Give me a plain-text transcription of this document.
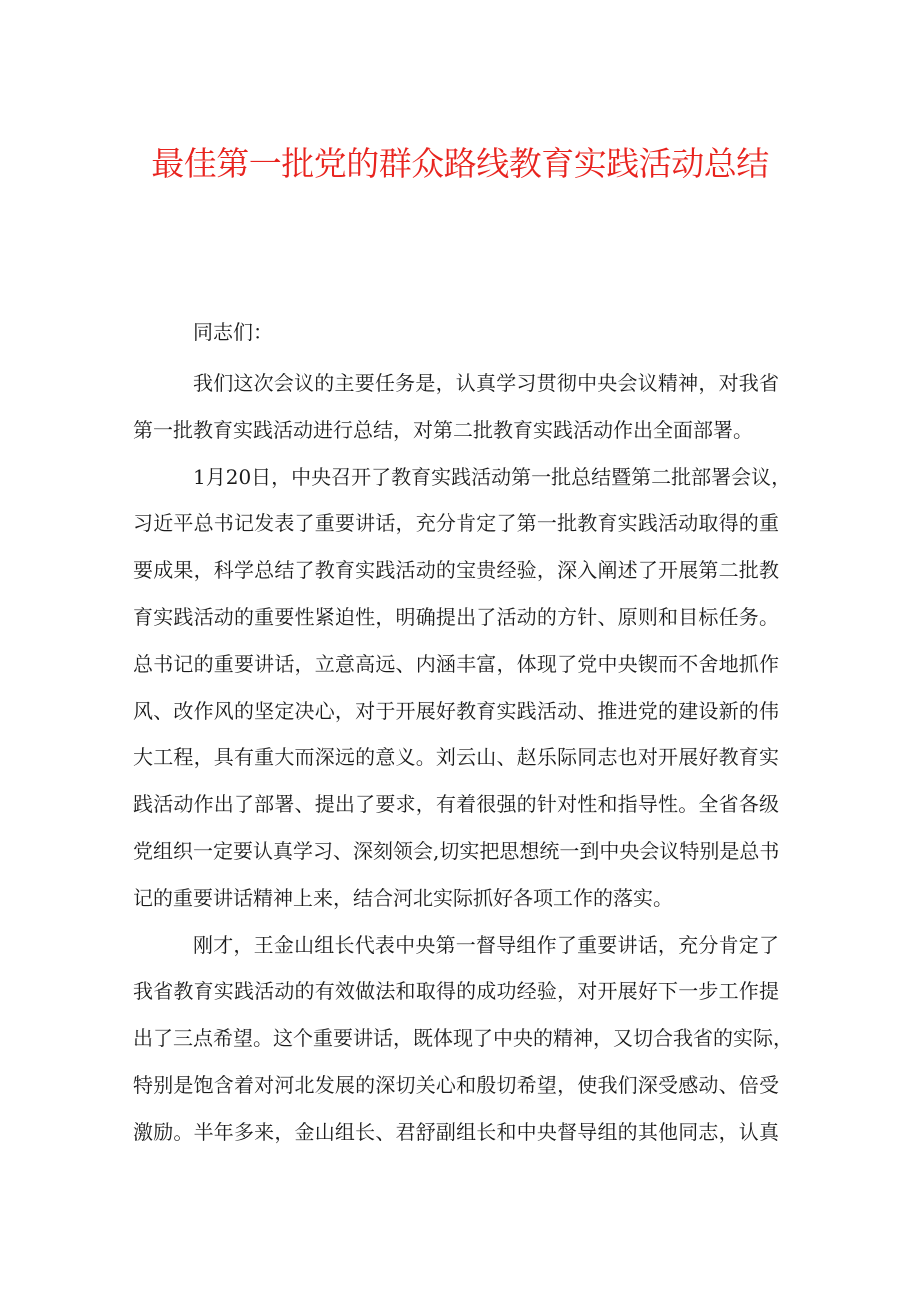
最佳第一批党的群众路线教育实践活动总结

同志们：

我们这次会议的主要任务是，认真学习贯彻中央会议精神，对我省
第一批教育实践活动进行总结，对第二批教育实践活动作出全面部署。
1月20日，中央召开了教育实践活动第一批总结暨第二批部署会议，
习近平总书记发表了重要讲话，充分肯定了第一批教育实践活动取得的重
要成果，科学总结了教育实践活动的宝贵经验，深入阐述了开展第二批教
育实践活动的重要性紧迫性，明确提出了活动的方针、原则和目标任务。
总书记的重要讲话，立意高远、内涵丰富，体现了党中央锲而不舍地抓作
风、改作风的坚定决心，对于开展好教育实践活动、推进党的建设新的伟
大工程，具有重大而深远的意义。刘云山、赵乐际同志也对开展好教育实
践活动作出了部署、提出了要求，有着很强的针对性和指导性。全省各级
党组织一定要认真学习、深刻领会,切实把思想统一到中央会议特别是总书
记的重要讲话精神上来，结合河北实际抓好各项工作的落实。
刚才，王金山组长代表中央第一督导组作了重要讲话，充分肯定了
我省教育实践活动的有效做法和取得的成功经验，对开展好下一步工作提
出了三点希望。这个重要讲话，既体现了中央的精神，又切合我省的实际，
特别是饱含着对河北发展的深切关心和殷切希望，使我们深受感动、倍受
激励。半年多来，金山组长、君舒副组长和中央督导组的其他同志，认真
